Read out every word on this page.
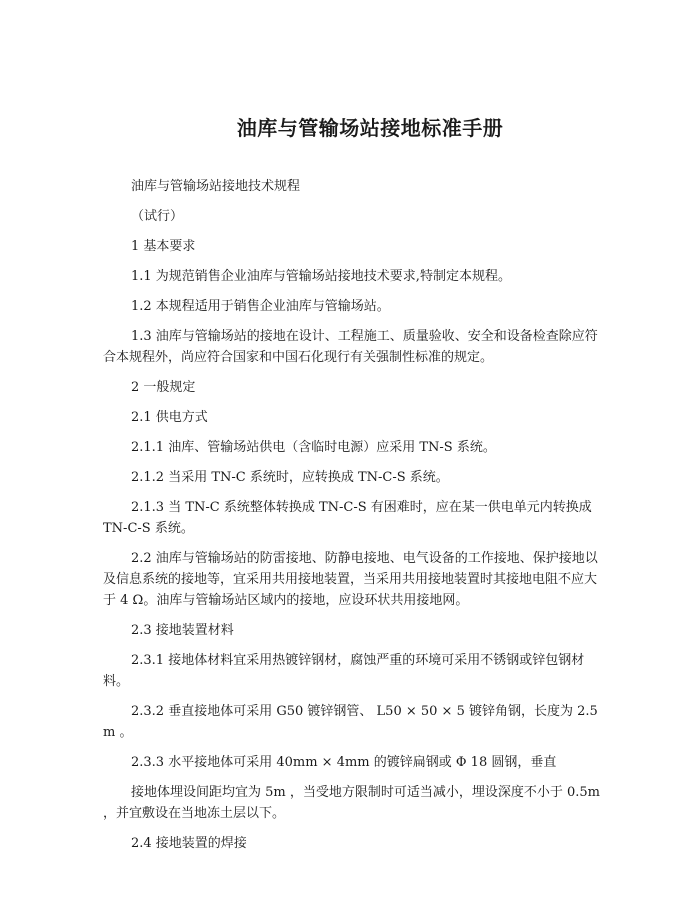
油库与管输场站接地标准手册

油库与管输场站接地技术规程

（试行）

1 基本要求

1.1 为规范销售企业油库与管输场站接地技术要求,特制定本规程。

1.2 本规程适用于销售企业油库与管输场站。

1.3 油库与管输场站的接地在设计、工程施工、质量验收、安全和设备检查除应符合本规程外，尚应符合国家和中国石化现行有关强制性标准的规定。

2 一般规定

2.1 供电方式

2.1.1 油库、管输场站供电（含临时电源）应采用 TN-S 系统。

2.1.2 当采用 TN-C 系统时，应转换成 TN-C-S 系统。

2.1.3 当 TN-C 系统整体转换成 TN-C-S 有困难时，应在某一供电单元内转换成 TN-C-S 系统。

2.2 油库与管输场站的防雷接地、防静电接地、电气设备的工作接地、保护接地以及信息系统的接地等，宜采用共用接地装置，当采用共用接地装置时其接地电阻不应大于 4 Ω。油库与管输场站区域内的接地，应设环状共用接地网。

2.3 接地装置材料

2.3.1 接地体材料宜采用热镀锌钢材，腐蚀严重的环境可采用不锈钢或锌包钢材料。

2.3.2 垂直接地体可采用 G50 镀锌钢管、 L50 × 50 × 5 镀锌角钢，长度为 2.5m 。

2.3.3 水平接地体可采用 40mm × 4mm 的镀锌扁钢或 Φ 18 圆钢，垂直

接地体埋设间距均宜为 5m ，当受地方限制时可适当减小，埋设深度不小于 0.5m ，并宜敷设在当地冻土层以下。

2.4 接地装置的焊接
